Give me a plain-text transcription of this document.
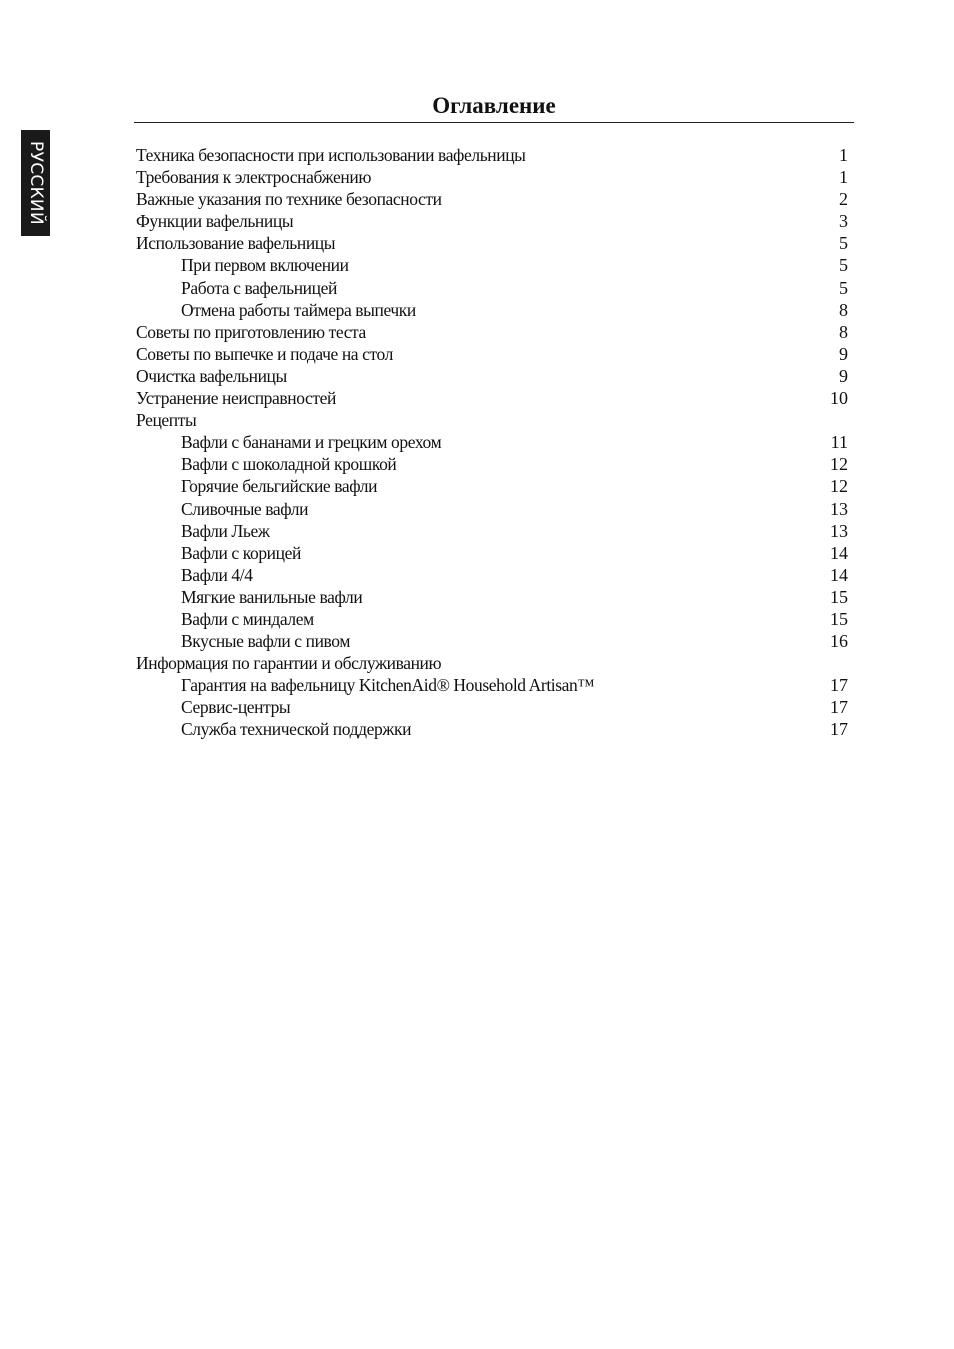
РУССКИЙ
Оглавление
Техника безопасности при использовании вафельницы	1
Требования к электроснабжению	1
Важные указания по технике безопасности	2
Функции вафельницы	3
Использование вафельницы	5
При первом включении	5
Работа с вафельницей	5
Отмена работы таймера выпечки	8
Советы по приготовлению теста	8
Советы по выпечке и подаче на стол	9
Очистка вафельницы	9
Устранение неисправностей	10
Рецепты
Вафли с бананами и грецким орехом	11
Вафли с шоколадной крошкой	12
Горячие бельгийские вафли	12
Сливочные вафли	13
Вафли Льеж	13
Вафли с корицей	14
Вафли 4/4	14
Мягкие ванильные вафли	15
Вафли с миндалем	15
Вкусные вафли с пивом	16
Информация по гарантии и обслуживанию
Гарантия на вафельницу KitchenAid® Household Artisan™	17
Сервис-центры	17
Служба технической поддержки	17
